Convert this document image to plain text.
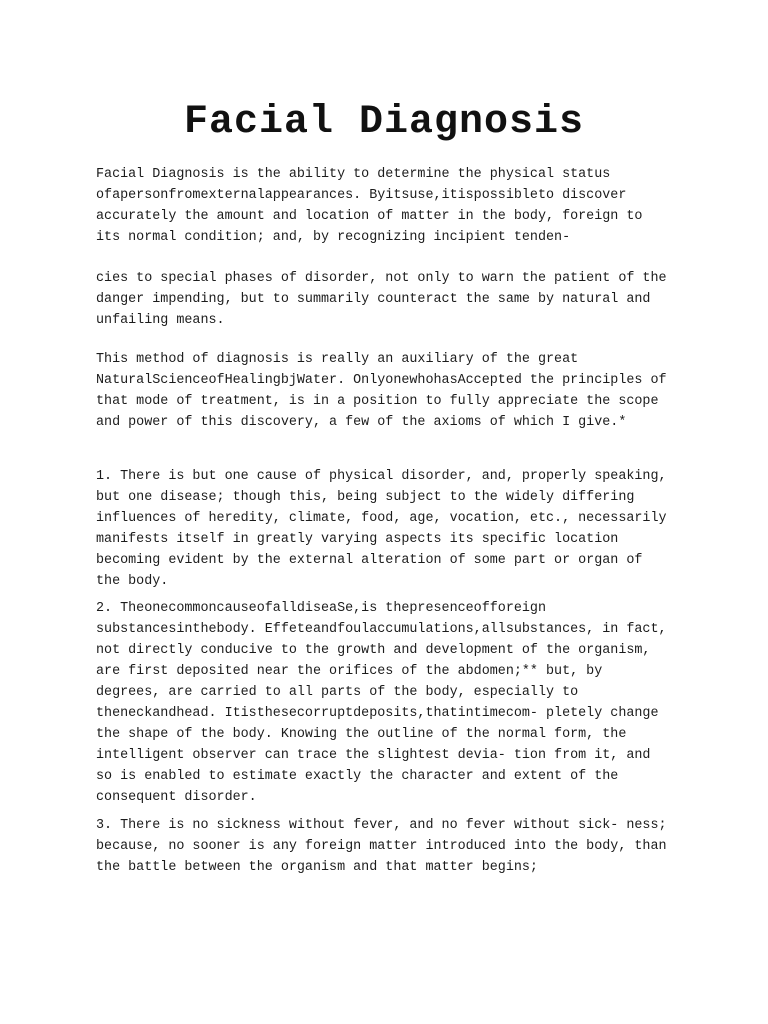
Facial Diagnosis
Facial Diagnosis is the ability to determine the physical status ofapersonfromexternalappearances. Byitsuse,itispossibleto discover accurately the amount and location of matter in the body, foreign to its normal condition; and, by recognizing incipient tenden-
cies to special phases of disorder, not only to warn the patient of the danger impending, but to summarily counteract the same by natural and unfailing means.
This method of diagnosis is really an auxiliary of the great NaturalScienceofHealingbjWater. OnlyonewhohasAccepted the principles of that mode of treatment, is in a position to fully appreciate the scope and power of this discovery, a few of the axioms of which I give.*
1. There is but one cause of physical disorder, and, properly speaking, but one disease; though this, being subject to the widely differing influences of heredity, climate, food, age, vocation, etc., necessarily manifests itself in greatly varying aspects its specific location becoming evident by the external alteration of some part or organ of the body.
2. TheonecommoncauseofalldiseaSe,is thepresenceofforeign substancesinthebody. Effeteandfoulaccumulations,allsubstances, in fact, not directly conducive to the growth and development of the organism, are first deposited near the orifices of the abdomen;** but, by degrees, are carried to all parts of the body, especially to theneckandhead. Itisthesecorruptdeposits,thatintimecom- pletely change the shape of the body. Knowing the outline of the normal form, the intelligent observer can trace the slightest devia- tion from it, and so is enabled to estimate exactly the character and extent of the consequent disorder.
3. There is no sickness without fever, and no fever without sick- ness; because, no sooner is any foreign matter introduced into the body, than the battle between the organism and that matter begins;
